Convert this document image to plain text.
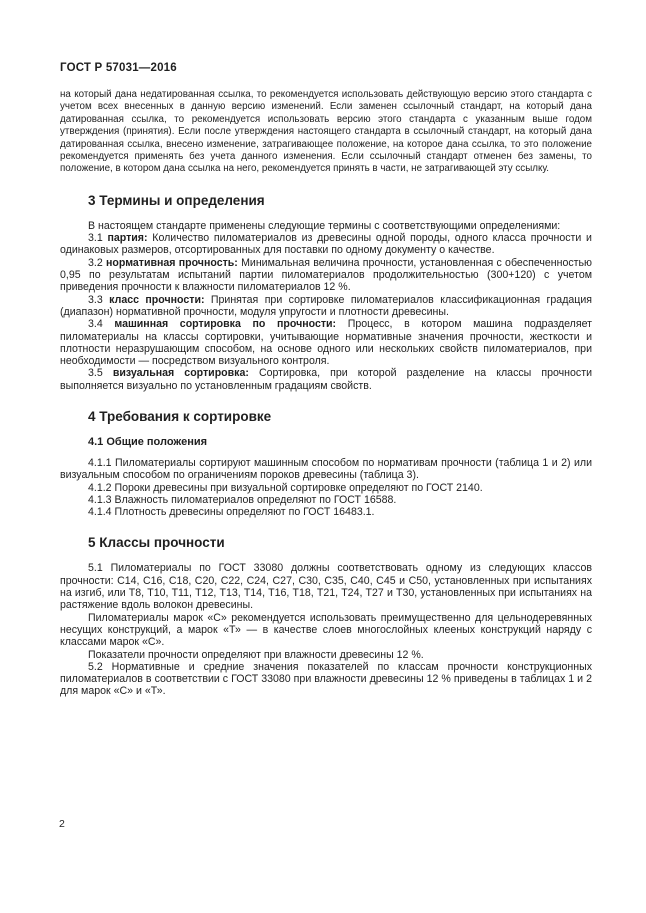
ГОСТ Р 57031—2016

на который дана недатированная ссылка, то рекомендуется использовать действующую версию этого стандарта с учетом всех внесенных в данную версию изменений. Если заменен ссылочный стандарт, на который дана датированная ссылка, то рекомендуется использовать версию этого стандарта с указанным выше годом утверждения (принятия). Если после утверждения настоящего стандарта в ссылочный стандарт, на который дана датированная ссылка, внесено изменение, затрагивающее положение, на которое дана ссылка, то это положение рекомендуется применять без учета данного изменения. Если ссылочный стандарт отменен без замены, то положение, в котором дана ссылка на него, рекомендуется принять в части, не затрагивающей эту ссылку.

3 Термины и определения

В настоящем стандарте применены следующие термины с соответствующими определениями:

3.1 партия: Количество пиломатериалов из древесины одной породы, одного класса прочности и одинаковых размеров, отсортированных для поставки по одному документу о качестве.

3.2 нормативная прочность: Минимальная величина прочности, установленная с обеспеченностью 0,95 по результатам испытаний партии пиломатериалов продолжительностью (300+120) с учетом приведения прочности к влажности пиломатериалов 12 %.

3.3 класс прочности: Принятая при сортировке пиломатериалов классификационная градация (диапазон) нормативной прочности, модуля упругости и плотности древесины.

3.4 машинная сортировка по прочности: Процесс, в котором машина подразделяет пиломатериалы на классы сортировки, учитывающие нормативные значения прочности, жесткости и плотности неразрушающим способом, на основе одного или нескольких свойств пиломатериалов, при необходимости — посредством визуального контроля.

3.5 визуальная сортировка: Сортировка, при которой разделение на классы прочности выполняется визуально по установленным градациям свойств.

4 Требования к сортировке
4.1 Общие положения

4.1.1 Пиломатериалы сортируют машинным способом по нормативам прочности (таблица 1 и 2) или визуальным способом по ограничениям пороков древесины (таблица 3).

4.1.2 Пороки древесины при визуальной сортировке определяют по ГОСТ 2140.

4.1.3 Влажность пиломатериалов определяют по ГОСТ 16588.

4.1.4 Плотность древесины определяют по ГОСТ 16483.1.

5 Классы прочности

5.1 Пиломатериалы по ГОСТ 33080 должны соответствовать одному из следующих классов прочности: С14, С16, С18, С20, С22, С24, С27, С30, С35, С40, С45 и С50, установленных при испытаниях на изгиб, или Т8, Т10, Т11, Т12, Т13, Т14, Т16, Т18, Т21, Т24, Т27 и Т30, установленных при испытаниях на растяжение вдоль волокон древесины.

Пиломатериалы марок «С» рекомендуется использовать преимущественно для цельнодеревянных несущих конструкций, а марок «Т» — в качестве слоев многослойных клееных конструкций наряду с классами марок «С».

Показатели прочности определяют при влажности древесины 12 %.

5.2 Нормативные и средние значения показателей по классам прочности конструкционных пиломатериалов в соответствии с ГОСТ 33080 при влажности древесины 12 % приведены в таблицах 1 и 2 для марок «С» и «Т».

2
